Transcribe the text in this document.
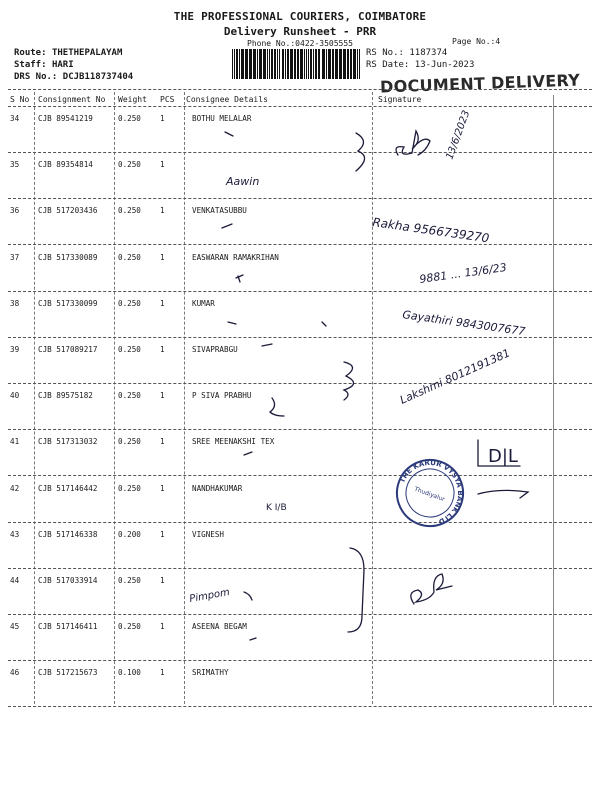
THE PROFESSIONAL COURIERS, COIMBATORE
Delivery Runsheet - PRR
Phone No.:0422-3505555	Page No.:4
Route: THETHEPALAYAM
Staff: HARI
DRS No.: DCJB118737404
RS No.: 1187374
RS Date: 13-Jun-2023
DOCUMENT DELIVERY
S No Consignment No Weight PCS Consignee Details	Signature
34 CJB 89541219	0.250	1	BOTHU MELALAR
35 CJB 89354814	0.250	1
36 CJB 517203436	0.250	1	VENKATASUBBU
37 CJB 517330089	0.250	1	EASWARAN RAMAKRIHAN
38 CJB 517330099	0.250	1	KUMAR
39 CJB 517089217	0.250	1	SIVAPRABGU
40 CJB 89575182	0.250	1	P SIVA PRABHU
41 CJB 517313032	0.250	1	SREE MEENAKSHI TEX
42 CJB 517146442	0.250	1	NANDHAKUMAR
43 CJB 517146338	0.200	1	VIGNESH
44 CJB 517033914	0.250	1
45 CJB 517146411	0.250	1	ASEENA BEGAM
46 CJB 517215673	0.100	1	SRIMATHY
Aawin
Rakha 9566739270
9881 ... 13/6/23
Gayathiri 9843007677
Lakshmi 8012191381
D|L
K I/B
Pimpom
13/6/2023
THE KARUR VYSYA BANK LTD
Thudiyalur
